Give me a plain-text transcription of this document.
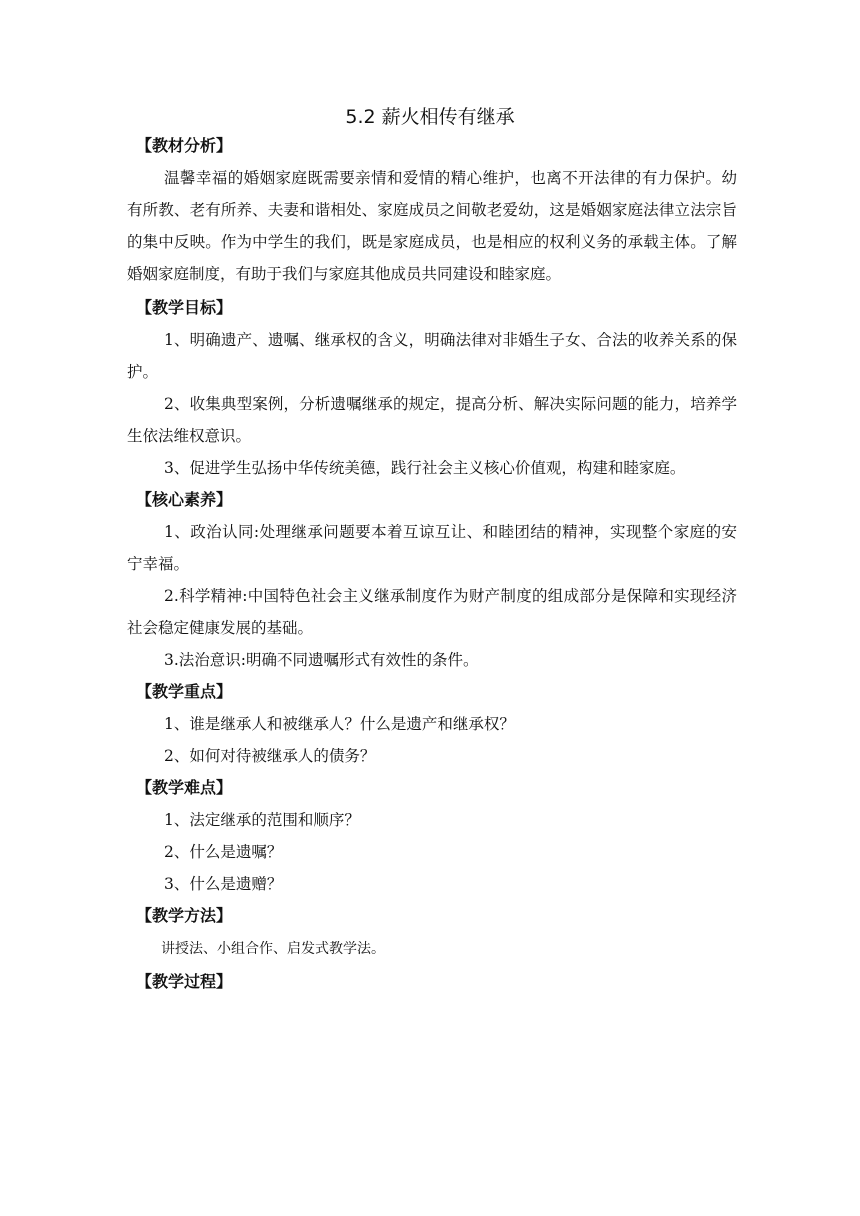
5.2 薪火相传有继承
【教材分析】
温馨幸福的婚姻家庭既需要亲情和爱情的精心维护，也离不开法律的有力保护。幼有所教、老有所养、夫妻和谐相处、家庭成员之间敬老爱幼，这是婚姻家庭法律立法宗旨的集中反映。作为中学生的我们，既是家庭成员，也是相应的权利义务的承载主体。了解婚姻家庭制度，有助于我们与家庭其他成员共同建设和睦家庭。
【教学目标】
1、明确遗产、遗嘱、继承权的含义，明确法律对非婚生子女、合法的收养关系的保护。
2、收集典型案例，分析遗嘱继承的规定，提高分析、解决实际问题的能力，培养学生依法维权意识。
3、促进学生弘扬中华传统美德，践行社会主义核心价值观，构建和睦家庭。
【核心素养】
1、政治认同:处理继承问题要本着互谅互让、和睦团结的精神，实现整个家庭的安宁幸福。
2.科学精神:中国特色社会主义继承制度作为财产制度的组成部分是保障和实现经济社会稳定健康发展的基础。
3.法治意识:明确不同遗嘱形式有效性的条件。
【教学重点】
1、谁是继承人和被继承人？什么是遗产和继承权？
2、如何对待被继承人的债务？
【教学难点】
1、法定继承的范围和顺序？
2、什么是遗嘱？
3、什么是遗赠？
【教学方法】
讲授法、小组合作、启发式教学法。
【教学过程】
